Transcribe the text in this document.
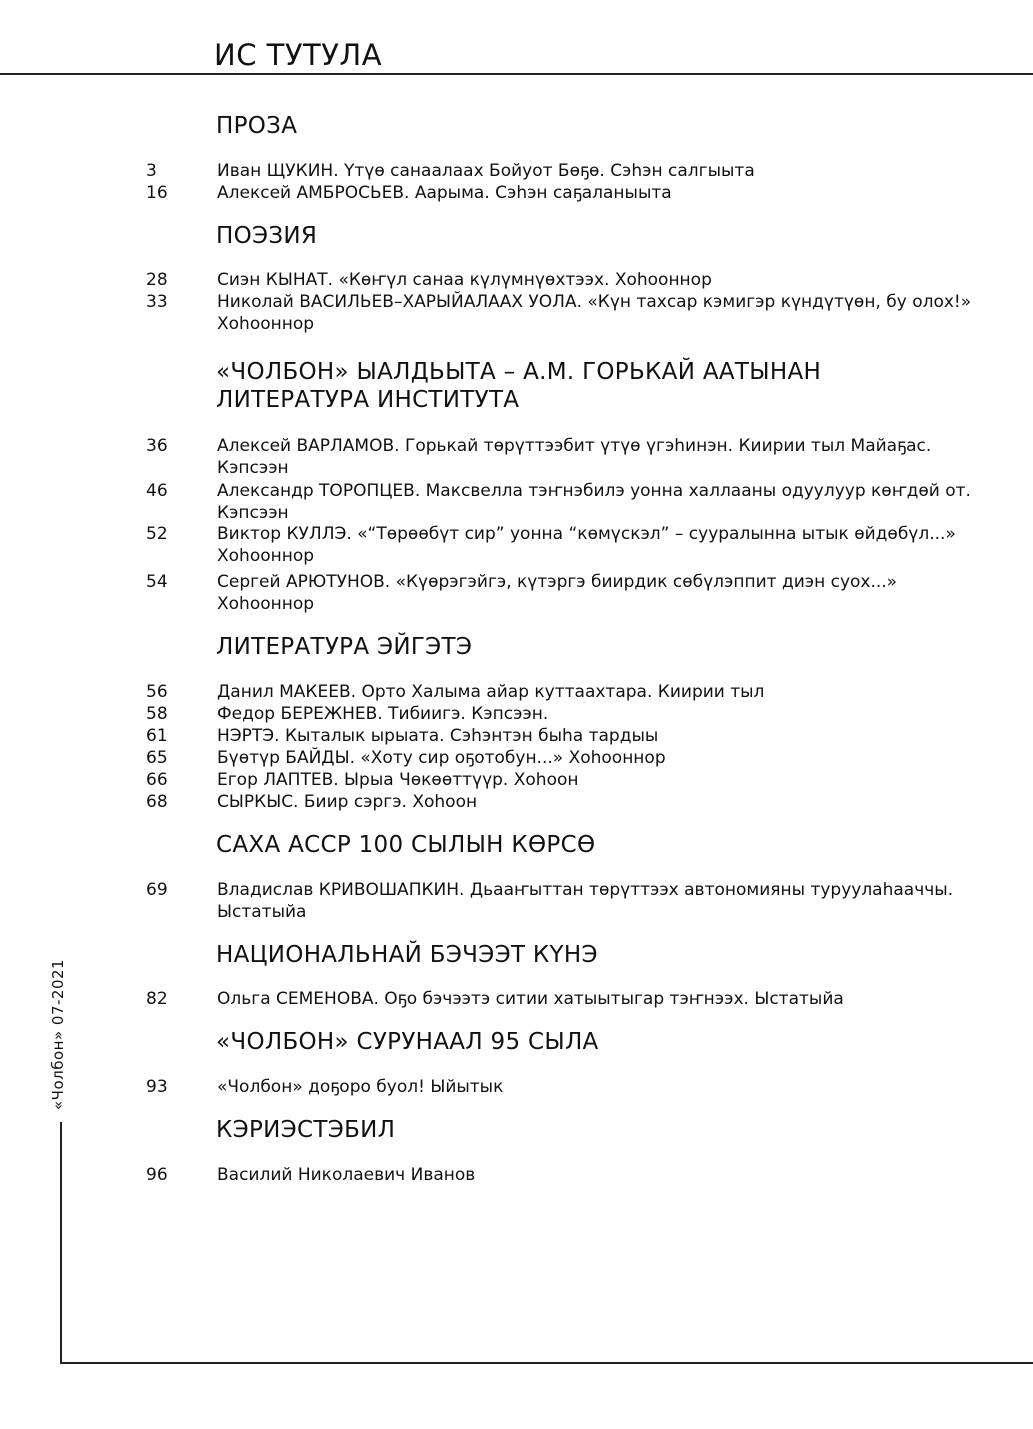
ИС ТУТУЛА
«Чолбон» 07-2021
ПРОЗА
3	Иван ЩУКИН. Үтүө санаалаах Бойуот Бөҕө. Сэһэн салгыыта
16	Алексей АМБРОСЬЕВ. Аарыма. Сэһэн саҕаланыыта
ПОЭЗИЯ
28	Сиэн КЫНАТ. «Көҥүл санаа күлүмнүөхтээх. Хоһооннор
33	Николай ВАСИЛЬЕВ–ХАРЫЙАЛААХ УОЛА. «Күн тахсар кэмигэр күндүтүөн, бу олох!» Хоһооннор
«ЧОЛБОН» ЫАЛДЬЫТА – А.М. ГОРЬКАЙ ААТЫНАН ЛИТЕРАТУРА ИНСТИТУТА
36	Алексей ВАРЛАМОВ. Горькай төрүттээбит үтүө үгэһинэн. Киирии тыл Майаҕас. Кэпсээн
46	Александр ТОРОПЦЕВ. Максвелла тэҥнэбилэ уонна халлааны одуулуур көҥдөй от. Кэпсээн
52	Виктор КУЛЛЭ. «“Төрөөбүт сир” уонна “көмүскэл” – сууралынна ытык өйдөбүл...» Хоһооннор
54	Сергей АРЮТУНОВ. «Күөрэгэйгэ, күтэргэ биирдик сөбүлэппит диэн суох...» Хоһооннор
ЛИТЕРАТУРА ЭЙГЭТЭ
56	Данил МАКЕЕВ. Орто Халыма айар куттаахтара. Киирии тыл
58	Федор БЕРЕЖНЕВ. Тибиигэ. Кэпсээн.
61	НЭРТЭ. Кыталык ырыата. Сэһэнтэн быһа тардыы
65	Бүөтүр БАЙДЫ. «Хоту сир оҕотобун...» Хоһооннор
66	Егор ЛАПТЕВ. Ырыа Чөкөөттүүр. Хоһоон
68	СЫРКЫС. Биир сэргэ. Хоһоон
САХА АССР 100 СЫЛЫН КӨРСӨ
69	Владислав КРИВОШАПКИН. Дьааҥыттан төрүттээх автономияны туруулаһааччы. Ыстатыйа
НАЦИОНАЛЬНАЙ БЭЧЭЭТ КҮНЭ
82	Ольга СЕМЕНОВА. Оҕо бэчээтэ ситии хатыытыгар тэҥнээх. Ыстатыйа
«ЧОЛБОН» СУРУНААЛ 95 СЫЛА
93	«Чолбон» доҕоро буол! Ыйытык
КЭРИЭСТЭБИЛ
96	Василий Николаевич Иванов
